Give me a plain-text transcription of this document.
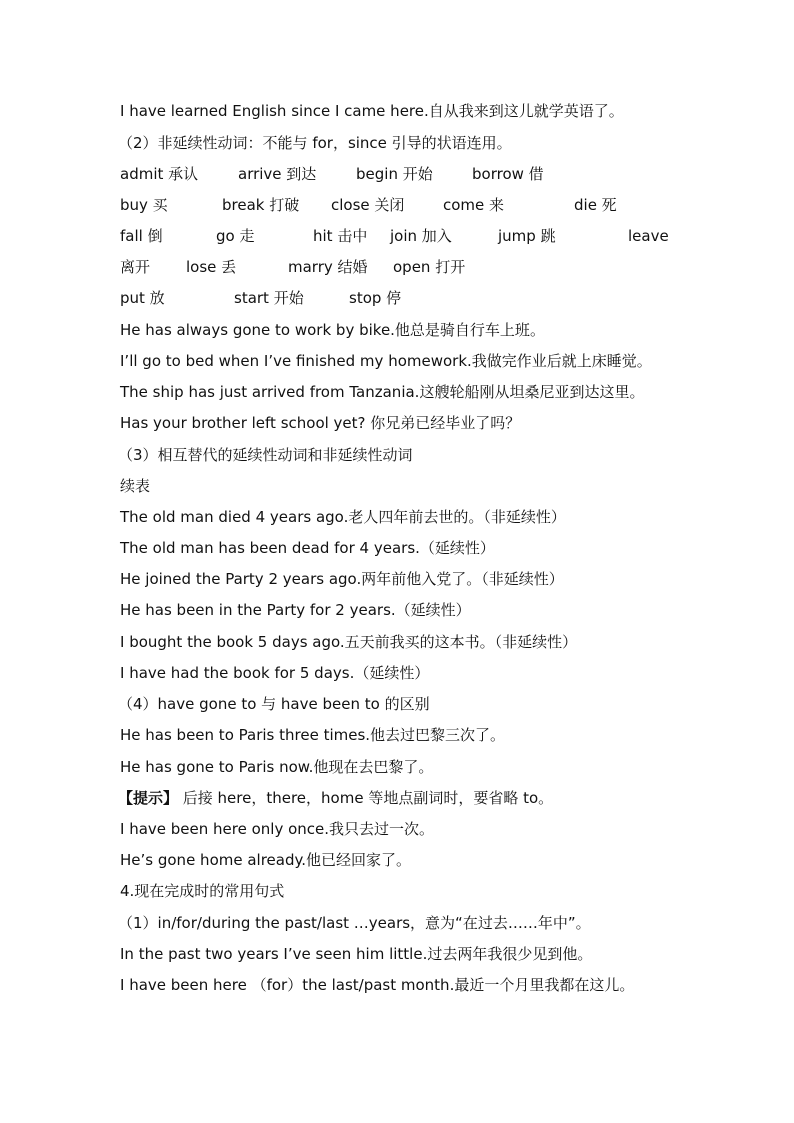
I have learned English since I came here.自从我来到这儿就学英语了。
（2）非延续性动词：不能与 for，since 引导的状语连用。
admit 承认	arrive 到达	begin 开始	borrow 借
buy 买	break 打破 close 关闭	come 来	die 死
fall 倒	go 走	hit 击中 join 加入	jump 跳	leave
离开 lose 丢	marry 结婚 open 打开
put 放	start 开始	stop 停
He has always gone to work by bike.他总是骑自行车上班。
I’ll go to bed when I’ve finished my homework.我做完作业后就上床睡觉。
The ship has just arrived from Tanzania.这艘轮船刚从坦桑尼亚到达这里。
Has your brother left school yet? 你兄弟已经毕业了吗？
（3）相互替代的延续性动词和非延续性动词
续表
The old man died 4 years ago.老人四年前去世的。（非延续性）
The old man has been dead for 4 years.（延续性）
He joined the Party 2 years ago.两年前他入党了。（非延续性）
He has been in the Party for 2 years.（延续性）
I bought the book 5 days ago.五天前我买的这本书。（非延续性）
I have had the book for 5 days.（延续性）
（4）have gone to 与 have been to 的区别
He has been to Paris three times.他去过巴黎三次了。
He has gone to Paris now.他现在去巴黎了。
【提示】 后接 here，there，home 等地点副词时，要省略 to。
I have been here only once.我只去过一次。
He’s gone home already.他已经回家了。
4.现在完成时的常用句式
（1）in/for/during the past/last …years，意为“在过去……年中”。
In the past two years I’ve seen him little.过去两年我很少见到他。
I have been here （for）the last/past month.最近一个月里我都在这儿。
